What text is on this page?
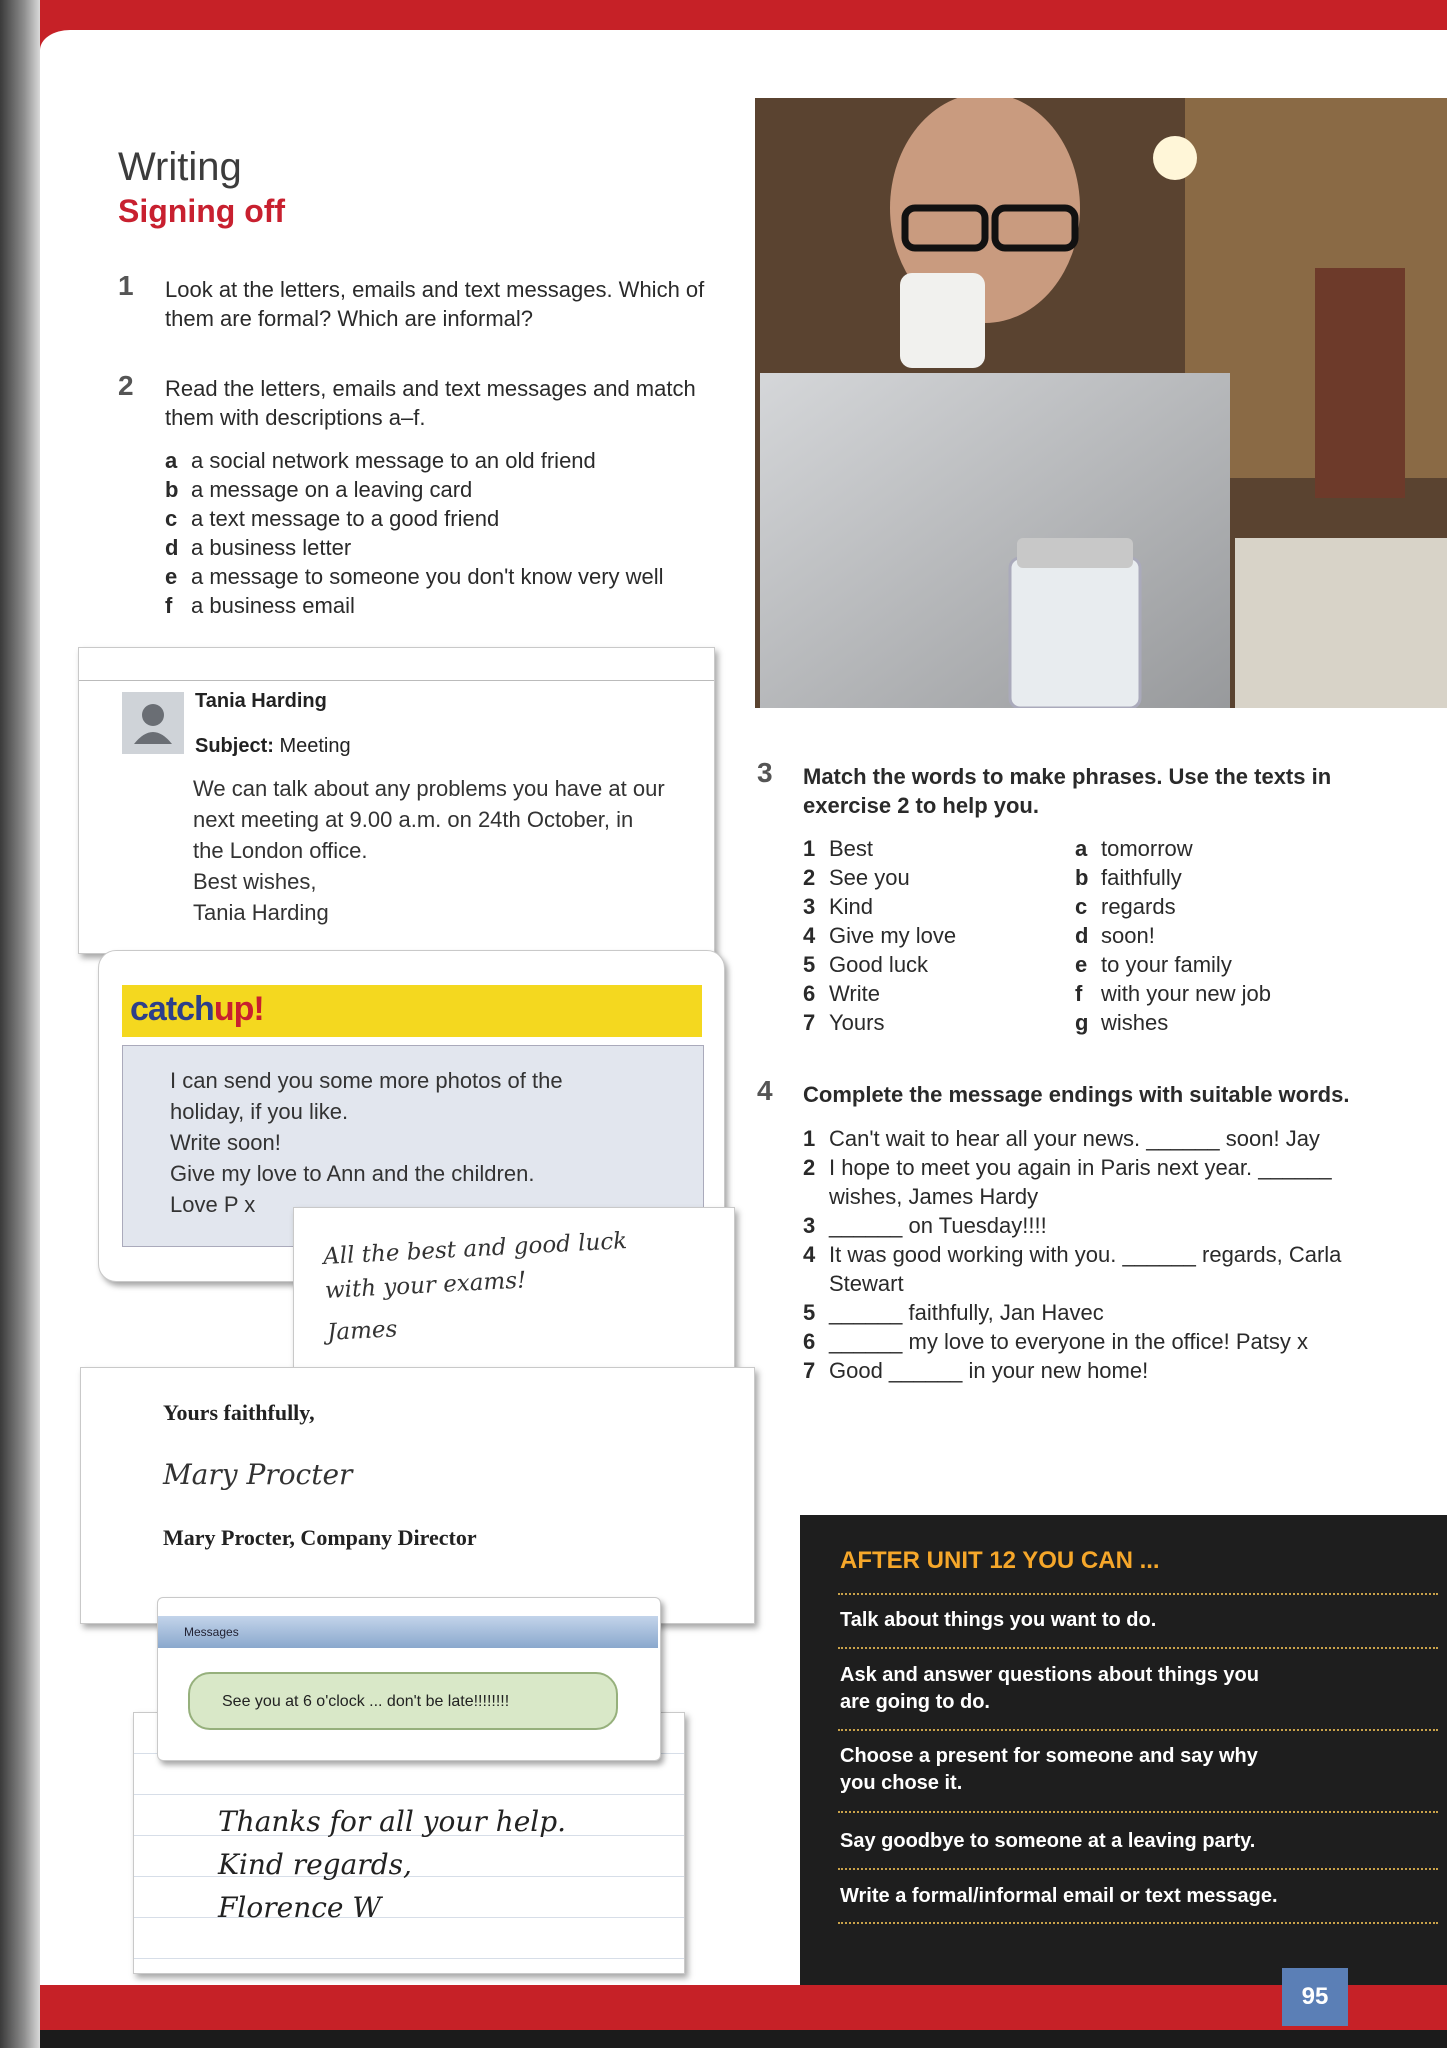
Writing
Signing off
1 Look at the letters, emails and text messages. Which of them are formal? Which are informal?
2 Read the letters, emails and text messages and match them with descriptions a–f.
a a social network message to an old friend
b a message on a leaving card
c a text message to a good friend
d a business letter
e a message to someone you don't know very well
f a business email
Tania Harding
Subject: Meeting
We can talk about any problems you have at our
next meeting at 9.00 a.m. on 24th October, in
the London office.
Best wishes,
Tania Harding
catchup!
I can send you some more photos of the
holiday, if you like.
Write soon!
Give my love to Ann and the children.
Love P x
All the best and good luck
with your exams!
James
Yours faithfully,
Mary Procter
Mary Procter, Company Director
Thanks for all your help.
Kind regards,
Florence W
Messages
See you at 6 o'clock ... don't be late!!!!!!!!
3 Match the words to make phrases. Use the texts in exercise 2 to help you.
1 Best
2 See you
3 Kind
4 Give my love
5 Good luck
6 Write
7 Yours
a tomorrow
b faithfully
c regards
d soon!
e to your family
f with your new job
g wishes
4 Complete the message endings with suitable words.
1 Can't wait to hear all your news. ______ soon! Jay
2 I hope to meet you again in Paris next year. ______
wishes, James Hardy
3 ______ on Tuesday!!!!
4 It was good working with you. ______ regards, Carla
Stewart
5 ______ faithfully, Jan Havec
6 ______ my love to everyone in the office! Patsy x
7 Good ______ in your new home!
AFTER UNIT 12 YOU CAN ...
Talk about things you want to do.
Ask and answer questions about things you
are going to do.
Choose a present for someone and say why
you chose it.
Say goodbye to someone at a leaving party.
Write a formal/informal email or text message.
95
